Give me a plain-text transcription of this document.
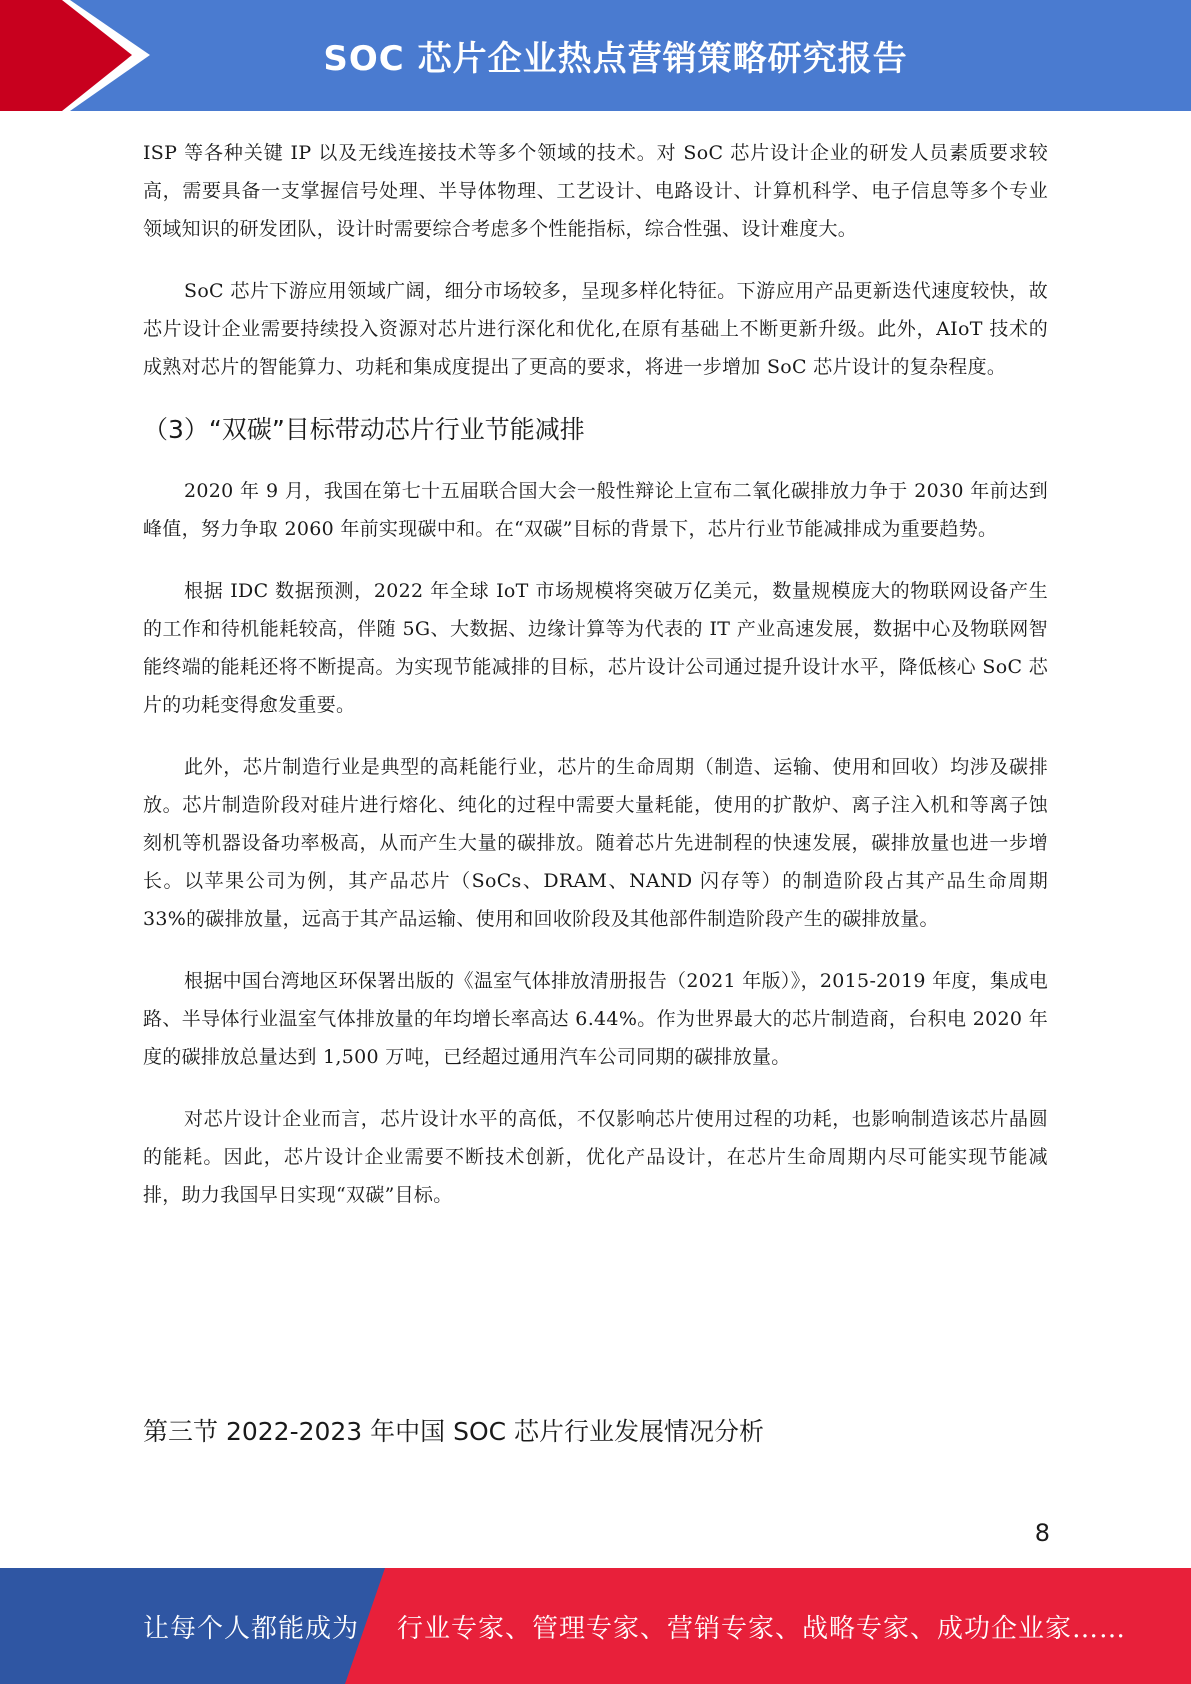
SOC 芯片企业热点营销策略研究报告

ISP 等各种关键 IP 以及无线连接技术等多个领域的技术。对 SoC 芯片设计企业的研发人员素质要求较高，需要具备一支掌握信号处理、半导体物理、工艺设计、电路设计、计算机科学、电子信息等多个专业领域知识的研发团队，设计时需要综合考虑多个性能指标，综合性强、设计难度大。

SoC 芯片下游应用领域广阔，细分市场较多，呈现多样化特征。下游应用产品更新迭代速度较快，故芯片设计企业需要持续投入资源对芯片进行深化和优化,在原有基础上不断更新升级。此外，AIoT 技术的成熟对芯片的智能算力、功耗和集成度提出了更高的要求，将进一步增加 SoC 芯片设计的复杂程度。

（3）“双碳”目标带动芯片行业节能减排

2020 年 9 月，我国在第七十五届联合国大会一般性辩论上宣布二氧化碳排放力争于 2030 年前达到峰值，努力争取 2060 年前实现碳中和。在“双碳”目标的背景下，芯片行业节能减排成为重要趋势。

根据 IDC 数据预测，2022 年全球 IoT 市场规模将突破万亿美元，数量规模庞大的物联网设备产生的工作和待机能耗较高，伴随 5G、大数据、边缘计算等为代表的 IT 产业高速发展，数据中心及物联网智能终端的能耗还将不断提高。为实现节能减排的目标，芯片设计公司通过提升设计水平，降低核心 SoC 芯片的功耗变得愈发重要。

此外，芯片制造行业是典型的高耗能行业，芯片的生命周期（制造、运输、使用和回收）均涉及碳排放。芯片制造阶段对硅片进行熔化、纯化的过程中需要大量耗能，使用的扩散炉、离子注入机和等离子蚀刻机等机器设备功率极高，从而产生大量的碳排放。随着芯片先进制程的快速发展，碳排放量也进一步增长。以苹果公司为例，其产品芯片（SoCs、DRAM、NAND 闪存等）的制造阶段占其产品生命周期 33%的碳排放量，远高于其产品运输、使用和回收阶段及其他部件制造阶段产生的碳排放量。

根据中国台湾地区环保署出版的《温室气体排放清册报告（2021 年版）》，2015-2019 年度，集成电路、半导体行业温室气体排放量的年均增长率高达 6.44%。作为世界最大的芯片制造商，台积电 2020 年度的碳排放总量达到 1,500 万吨，已经超过通用汽车公司同期的碳排放量。

对芯片设计企业而言，芯片设计水平的高低，不仅影响芯片使用过程的功耗，也影响制造该芯片晶圆的能耗。因此，芯片设计企业需要不断技术创新，优化产品设计，在芯片生命周期内尽可能实现节能减排，助力我国早日实现“双碳”目标。

第三节 2022-2023 年中国 SOC 芯片行业发展情况分析
8
让每个人都能成为 行业专家、管理专家、营销专家、战略专家、成功企业家……
